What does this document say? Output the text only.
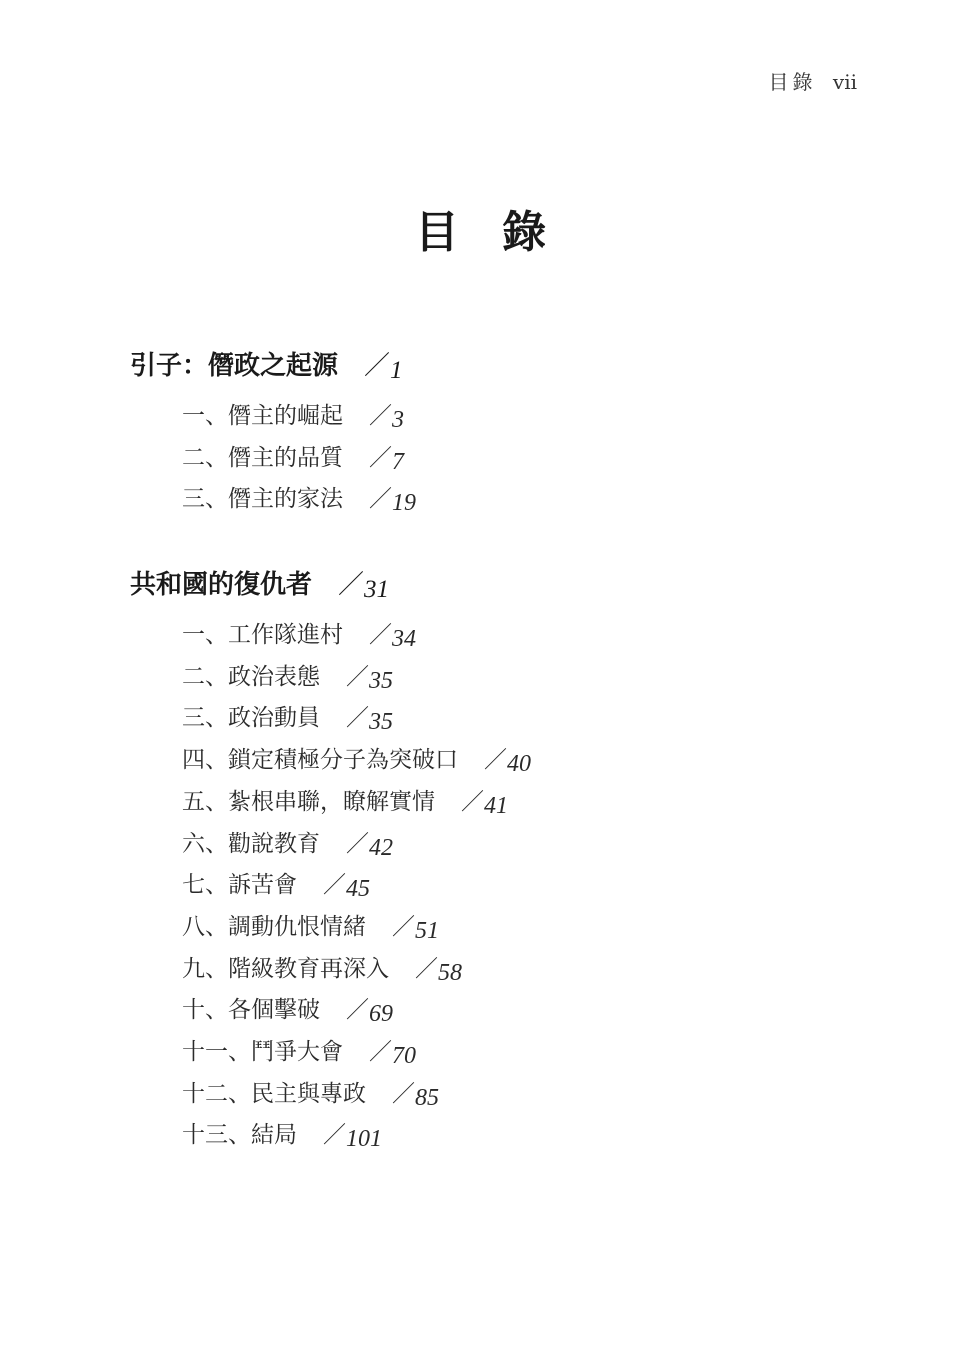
目錄 vii
目 錄
引子：僭政之起源 ／1
一、僭主的崛起 ／3
二、僭主的品質 ／7
三、僭主的家法 ／19
共和國的復仇者 ／31
一、工作隊進村 ／34
二、政治表態 ／35
三、政治動員 ／35
四、鎖定積極分子為突破口 ／40
五、紮根串聯，瞭解實情 ／41
六、勸說教育 ／42
七、訴苦會 ／45
八、調動仇恨情緒 ／51
九、階級教育再深入 ／58
十、各個擊破 ／69
十一、鬥爭大會 ／70
十二、民主與專政 ／85
十三、結局 ／101
